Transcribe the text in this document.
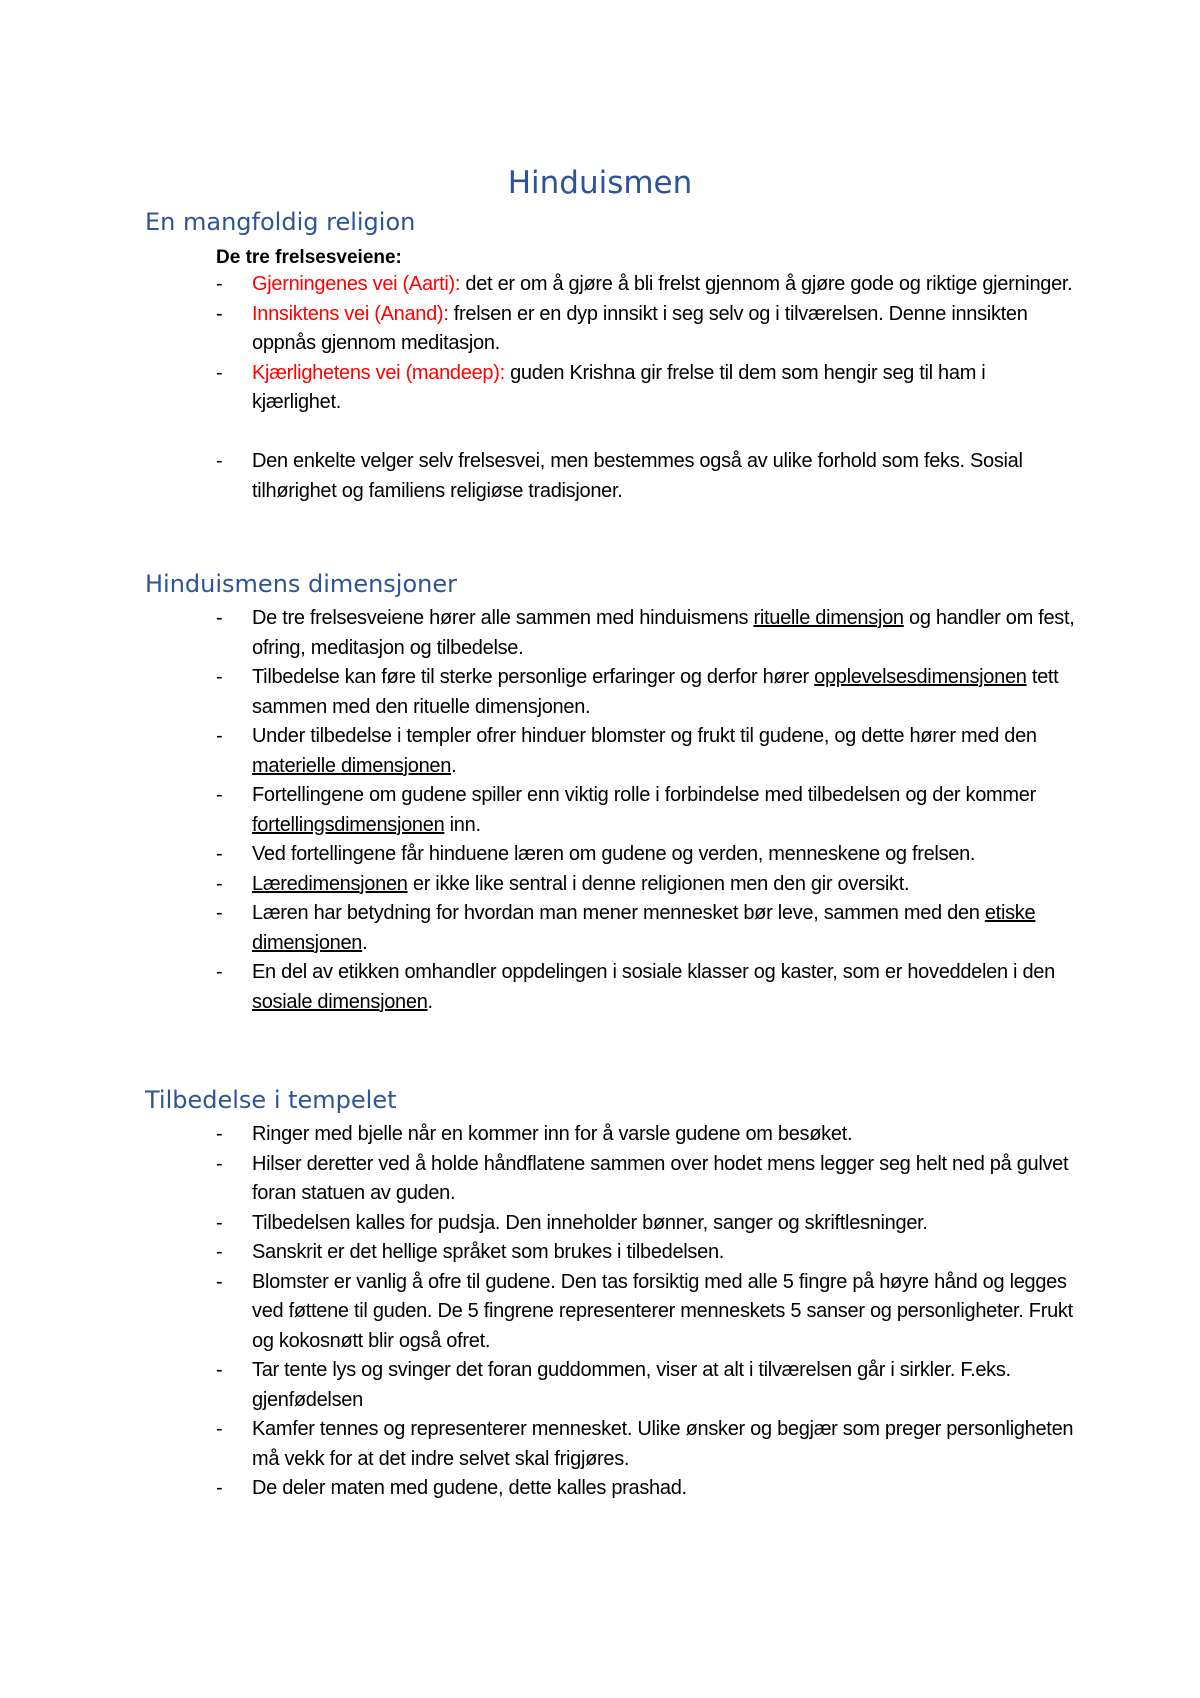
Hinduismen
En mangfoldig religion
De tre frelsesveiene:
- Gjerningenes vei (Aarti): det er om å gjøre å bli frelst gjennom å gjøre gode og riktige gjerninger.
- Innsiktens vei (Anand): frelsen er en dyp innsikt i seg selv og i tilværelsen. Denne innsikten oppnås gjennom meditasjon.
- Kjærlighetens vei (mandeep): guden Krishna gir frelse til dem som hengir seg til ham i kjærlighet.
- Den enkelte velger selv frelsesvei, men bestemmes også av ulike forhold som feks. Sosial tilhørighet og familiens religiøse tradisjoner.
Hinduismens dimensjoner
- De tre frelsesveiene hører alle sammen med hinduismens rituelle dimensjon og handler om fest, ofring, meditasjon og tilbedelse.
- Tilbedelse kan føre til sterke personlige erfaringer og derfor hører opplevelsesdimensjonen tett sammen med den rituelle dimensjonen.
- Under tilbedelse i templer ofrer hinduer blomster og frukt til gudene, og dette hører med den materielle dimensjonen.
- Fortellingene om gudene spiller enn viktig rolle i forbindelse med tilbedelsen og der kommer fortellingsdimensjonen inn.
- Ved fortellingene får hinduene læren om gudene og verden, menneskene og frelsen.
- Læredimensjonen er ikke like sentral i denne religionen men den gir oversikt.
- Læren har betydning for hvordan man mener mennesket bør leve, sammen med den etiske dimensjonen.
- En del av etikken omhandler oppdelingen i sosiale klasser og kaster, som er hoveddelen i den sosiale dimensjonen.
Tilbedelse i tempelet
- Ringer med bjelle når en kommer inn for å varsle gudene om besøket.
- Hilser deretter ved å holde håndflatene sammen over hodet mens legger seg helt ned på gulvet foran statuen av guden.
- Tilbedelsen kalles for pudsja. Den inneholder bønner, sanger og skriftlesninger.
- Sanskrit er det hellige språket som brukes i tilbedelsen.
- Blomster er vanlig å ofre til gudene. Den tas forsiktig med alle 5 fingre på høyre hånd og legges ved føttene til guden. De 5 fingrene representerer menneskets 5 sanser og personligheter. Frukt og kokosnøtt blir også ofret.
- Tar tente lys og svinger det foran guddommen, viser at alt i tilværelsen går i sirkler. F.eks. gjenfødelsen
- Kamfer tennes og representerer mennesket. Ulike ønsker og begjær som preger personligheten må vekk for at det indre selvet skal frigjøres.
- De deler maten med gudene, dette kalles prashad.
